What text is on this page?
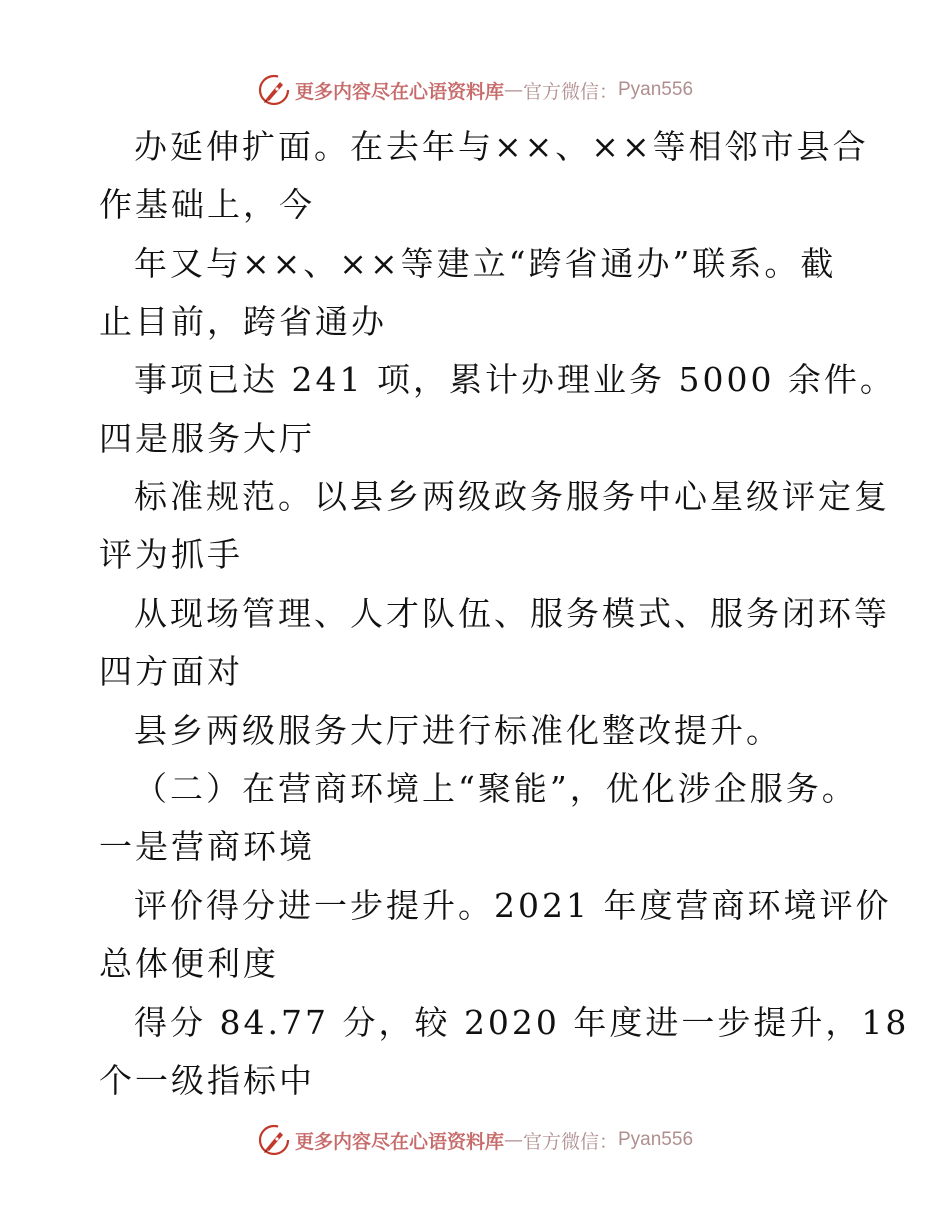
更多内容尽在心语资料库 — 官方微信： Pyan556
办延伸扩面。在去年与××、××等相邻市县合
作基础上，今
年又与××、××等建立“跨省通办”联系。截
止目前，跨省通办
事项已达 241 项，累计办理业务 5000 余件。
四是服务大厅
标准规范。以县乡两级政务服务中心星级评定复
评为抓手
从现场管理、人才队伍、服务模式、服务闭环等
四方面对
县乡两级服务大厅进行标准化整改提升。
（二）在营商环境上“聚能”，优化涉企服务。
一是营商环境
评价得分进一步提升。2021 年度营商环境评价
总体便利度
得分 84.77 分，较 2020 年度进一步提升，18
个一级指标中
更多内容尽在心语资料库 — 官方微信： Pyan556
